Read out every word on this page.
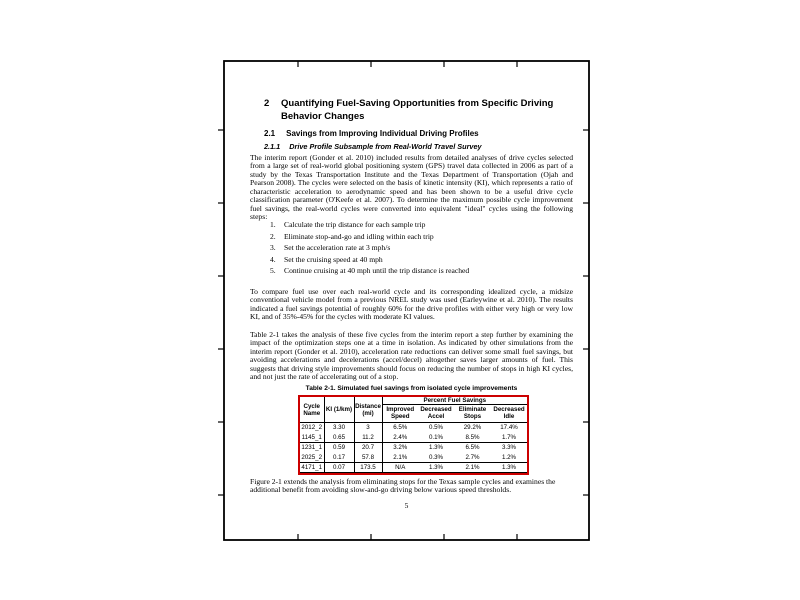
2 Quantifying Fuel-Saving Opportunities from Specific Driving
Behavior Changes
2.1 Savings from Improving Individual Driving Profiles
2.1.1 Drive Profile Subsample from Real-World Travel Survey
The interim report (Gonder et al. 2010) included results from detailed analyses of drive cycles selected from a large set of real-world global positioning system (GPS) travel data collected in 2006 as part of a study by the Texas Transportation Institute and the Texas Department of Transportation (Ojah and Pearson 2008). The cycles were selected on the basis of kinetic intensity (KI), which represents a ratio of characteristic acceleration to aerodynamic speed and has been shown to be a useful drive cycle classification parameter (O'Keefe et al. 2007). To determine the maximum possible cycle improvement fuel savings, the real-world cycles were converted into equivalent "ideal" cycles using the following steps:
1.	Calculate the trip distance for each sample trip
2.	Eliminate stop-and-go and idling within each trip
3.	Set the acceleration rate at 3 mph/s
4.	Set the cruising speed at 40 mph
5.	Continue cruising at 40 mph until the trip distance is reached
To compare fuel use over each real-world cycle and its corresponding idealized cycle, a midsize conventional vehicle model from a previous NREL study was used (Earleywine et al. 2010). The results indicated a fuel savings potential of roughly 60% for the drive profiles with either very high or very low KI, and of 35%-45% for the cycles with moderate KI values.
Table 2-1 takes the analysis of these five cycles from the interim report a step further by examining the impact of the optimization steps one at a time in isolation. As indicated by other simulations from the interim report (Gonder et al. 2010), acceleration rate reductions can deliver some small fuel savings, but avoiding accelerations and decelerations (accel/decel) altogether saves larger amounts of fuel. This suggests that driving style improvements should focus on reducing the number of stops in high KI cycles, and not just the rate of accelerating out of a stop.
Table 2-1. Simulated fuel savings from isolated cycle improvements
Cycle Name	KI (1/km)	Distance (mi)	Percent Fuel Savings			
			Improved Speed	Decreased Accel	Eliminate Stops	Decreased Idle
2012_2	3.30	3	6.5%	0.5%	29.2%	17.4%
1145_1	0.65	11.2	2.4%	0.1%	8.5%	1.7%
1231_1	0.59	20.7	3.2%	1.3%	6.5%	3.3%
2025_2	0.17	57.8	2.1%	0.3%	2.7%	1.2%
4171_1	0.07	173.5	N/A	1.3%	2.1%	1.3%
Figure 2-1 extends the analysis from eliminating stops for the Texas sample cycles and examines the additional benefit from avoiding slow-and-go driving below various speed thresholds.
5
